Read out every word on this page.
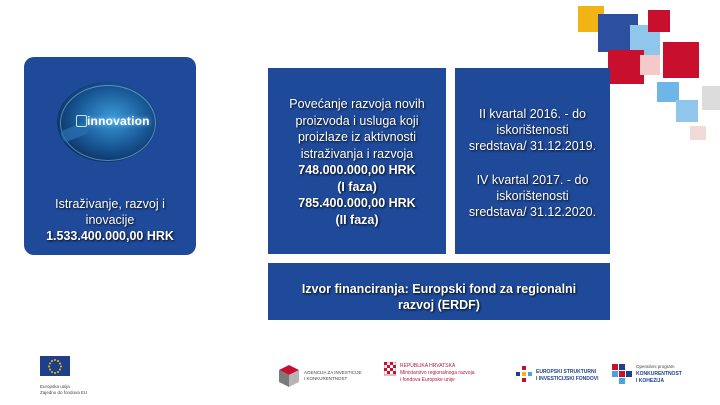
innovation
Istraživanje, razvoj i
inovacije
1.533.400.000,00 HRK
Povećanje razvoja novih
proizvoda i usluga koji
proizlaze iz aktivnosti
istraživanja i razvoja
748.000.000,00 HRK
(I faza)
785.400.000,00 HRK
(II faza)

II kvartal 2016. - do

iskorištenosti

sredstava/ 31.12.2019.

IV kvartal 2017. - do

iskorištenosti

sredstava/ 31.12.2020.

Izvor financiranja: Europski fond za regionalni
razvoj (ERDF)
Europska unija
Zajedno do fondova EU
AGENCIJA ZA INVESTICIJE
I KONKURENTNOST
REPUBLIKA HRVATSKA
Ministarstvo regionalnoga razvoja
i fondova Europske unije
EUROPSKI STRUKTURNI
I INVESTICIJSKI FONDOVI
Operativni program
KONKURENTNOST
I KOHEZIJA
